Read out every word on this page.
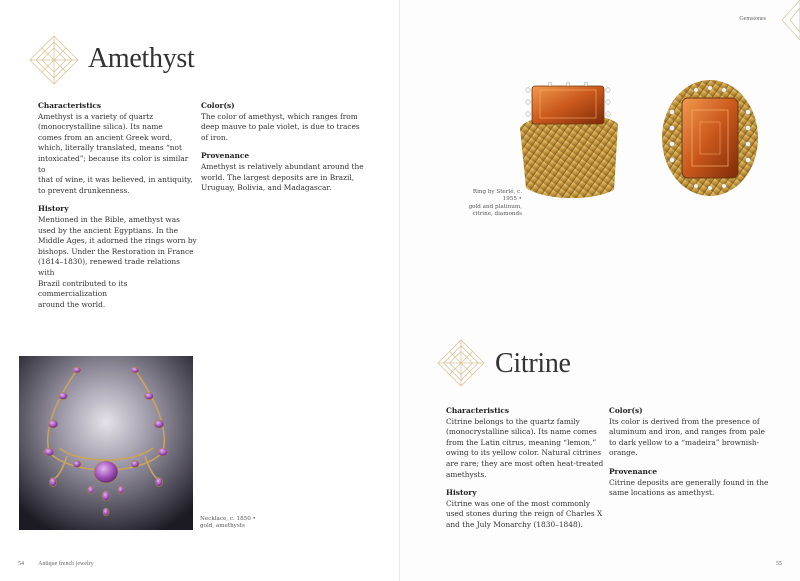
Amethyst
Characteristics

Amethyst is a variety of quartz
(monocrystalline silica). Its name
comes from an ancient Greek word,
which, literally translated, means “not
intoxicated”; because its color is similar to
that of wine, it was believed, in antiquity,
to prevent drunkenness.

History

Mentioned in the Bible, amethyst was
used by the ancient Egyptians. In the
Middle Ages, it adorned the rings worn by
bishops. Under the Restoration in France
(1814–1830), renewed trade relations with
Brazil contributed to its commercialization
around the world.

Color(s)

The color of amethyst, which ranges from
deep mauve to pale violet, is due to traces
of iron.

Provenance

Amethyst is relatively abundant around the
world. The largest deposits are in Brazil,
Uruguay, Bolivia, and Madagascar.

Necklace, c. 1850 •
gold, amethysts
54 Antique french jewelry
Gemstones
Ring by Sterlé, c. 1955 •
gold and platinum,
citrine, diamonds
Citrine
Characteristics

Citrine belongs to the quartz family
(monocrystalline silica). Its name comes
from the Latin citrus, meaning “lemon,”
owing to its yellow color. Natural citrines
are rare; they are most often heat-treated
amethysts.

History

Citrine was one of the most commonly
used stones during the reign of Charles X
and the July Monarchy (1830–1848).

Color(s)

Its color is derived from the presence of
aluminum and iron, and ranges from pale
to dark yellow to a “madeira” brownish-
orange.

Provenance

Citrine deposits are generally found in the
same locations as amethyst.

55
